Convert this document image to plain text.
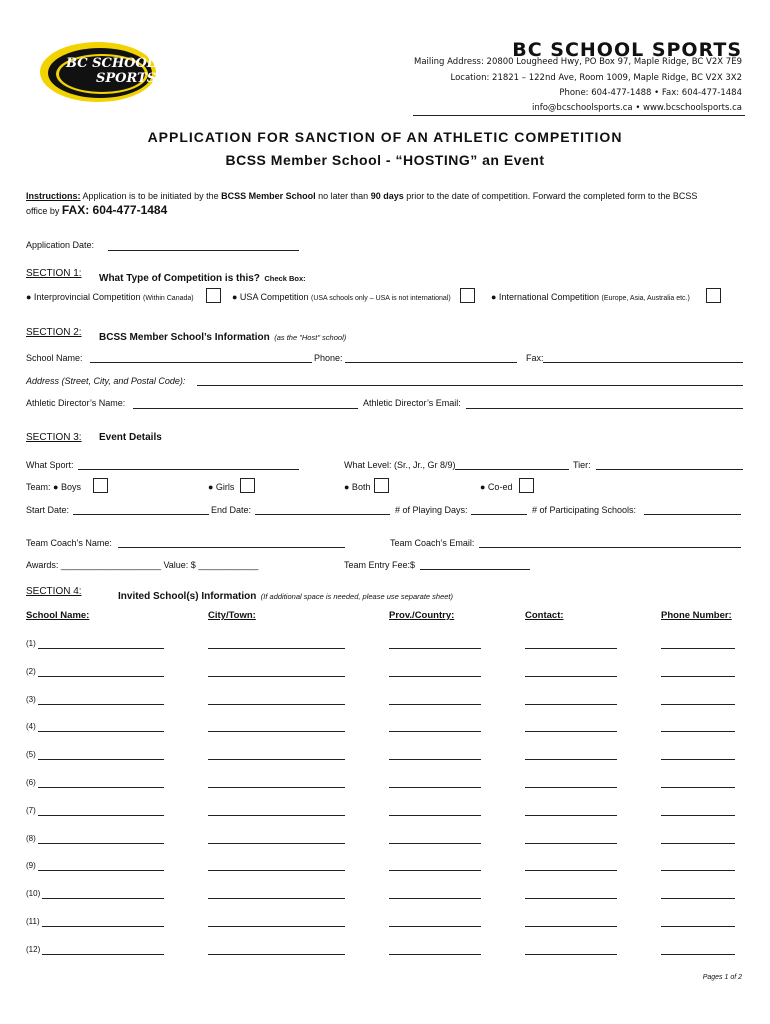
BC SCHOOL
SPORTS
BC SCHOOL SPORTS
Mailing Address: 20800 Lougheed Hwy, PO Box 97, Maple Ridge, BC V2X 7E9
Location: 21821 – 122nd Ave, Room 1009, Maple Ridge, BC V2X 3X2
Phone: 604-477-1488 • Fax: 604-477-1484
info@bcschoolsports.ca • www.bcschoolsports.ca
APPLICATION FOR SANCTION OF AN ATHLETIC COMPETITION
BCSS Member School - “HOSTING” an Event
Instructions: Application is to be initiated by the BCSS Member School no later than 90 days prior to the date of competition. Forward the completed form to the BCSS
office by FAX: 604-477-1484
Application Date:
SECTION 1: What Type of Competition is this? Check Box:
● Interprovincial Competition (Within Canada)	● USA Competition (USA schools only – USA is not international)	● International Competition (Europe, Asia, Australia etc.)
SECTION 2: BCSS Member School’s Information (as the "Host" school)
School Name:	Phone:	Fax:
Address (Street, City, and Postal Code):
Athletic Director’s Name:	Athletic Director’s Email:
SECTION 3: Event Details
What Sport:	What Level: (Sr., Jr., Gr 8/9)	Tier:
Team: ● Boys	● Girls	● Both	● Co-ed
Start Date:	End Date:	# of Playing Days:	# of Participating Schools:
Team Coach’s Name:	Team Coach’s Email:
Awards: ____________________ Value: $ ____________	Team Entry Fee:$
SECTION 4:	Invited School(s) Information (If additional space is needed, please use separate sheet)
School Name:	City/Town:	Prov./Country:	Contact:	Phone Number:
(1)
(2)
(3)
(4)
(5)
(6)
(7)
(8)
(9)
(10)
(11)
(12)
Pages 1 of 2
